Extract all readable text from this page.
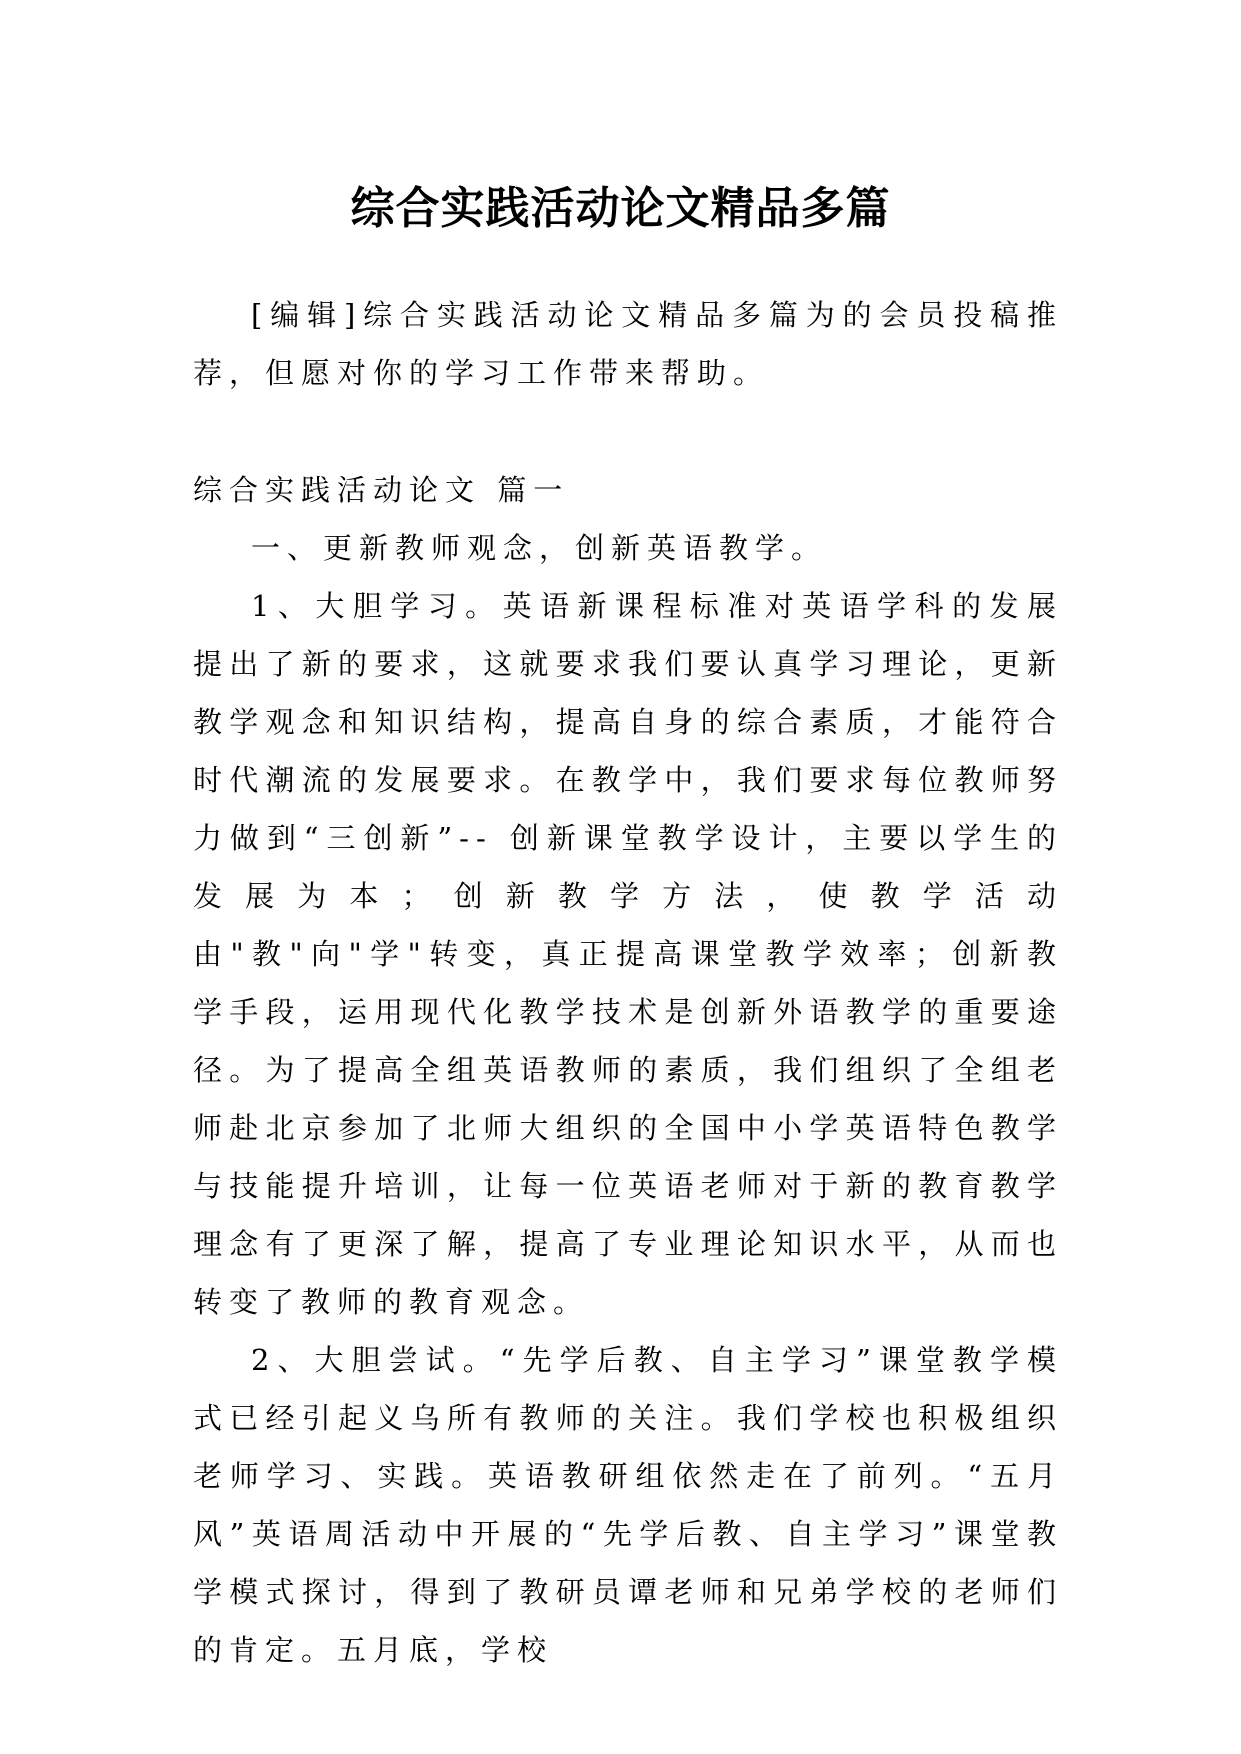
综合实践活动论文精品多篇

[编辑]综合实践活动论文精品多篇为的会员投稿推荐，但愿对你的学习工作带来帮助。

综合实践活动论文 篇一

一、更新教师观念，创新英语教学。

1、大胆学习。英语新课程标准对英语学科的发展提出了新的要求，这就要求我们要认真学习理论，更新教学观念和知识结构，提高自身的综合素质，才能符合时代潮流的发展要求。在教学中，我们要求每位教师努力做到“三创新”-- 创新课堂教学设计，主要以学生的发展为本；创新教学方法，使教学活动由"教"向"学"转变，真正提高课堂教学效率；创新教学手段，运用现代化教学技术是创新外语教学的重要途径。为了提高全组英语教师的素质，我们组织了全组老师赴北京参加了北师大组织的全国中小学英语特色教学与技能提升培训，让每一位英语老师对于新的教育教学理念有了更深了解，提高了专业理论知识水平，从而也转变了教师的教育观念。

2、大胆尝试。“先学后教、自主学习”课堂教学模式已经引起义乌所有教师的关注。我们学校也积极组织老师学习、实践。英语教研组依然走在了前列。“五月风”英语周活动中开展的“先学后教、自主学习”课堂教学模式探讨，得到了教研员谭老师和兄弟学校的老师们的肯定。五月底，学校
